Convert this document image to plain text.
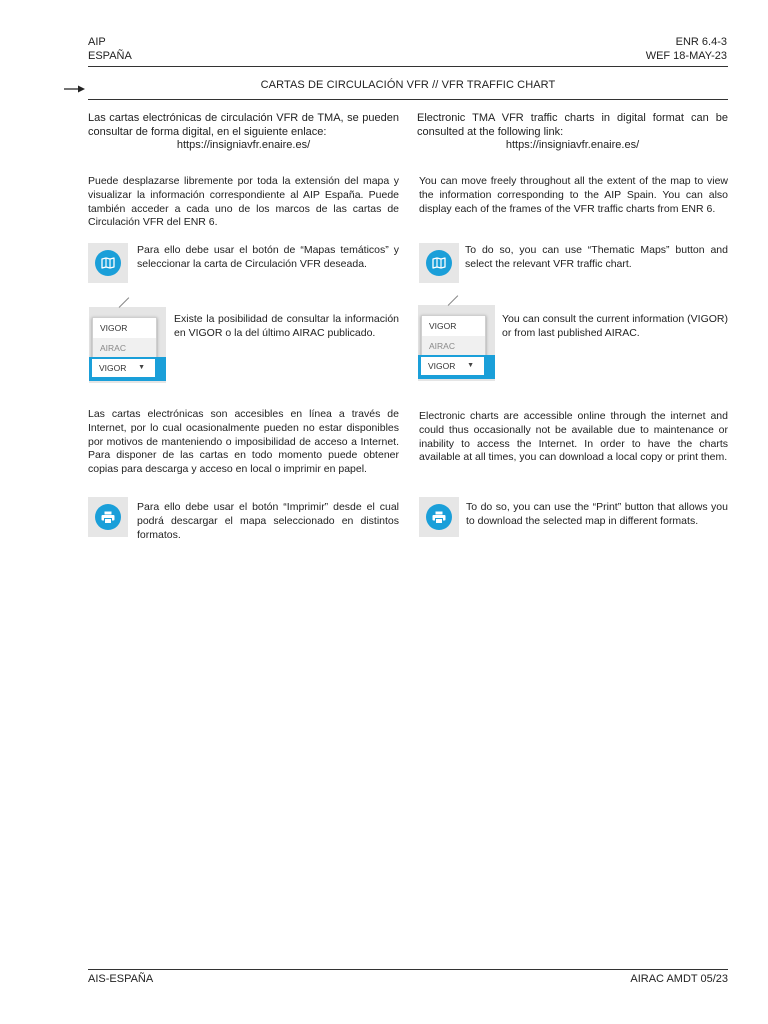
AIP
ESPAÑA
ENR 6.4-3
WEF 18-MAY-23
CARTAS DE CIRCULACIÓN VFR // VFR TRAFFIC CHART
Las cartas electrónicas de circulación VFR de TMA, se pueden consultar de forma digital, en el siguiente enlace:
https://insigniavfr.enaire.es/
Puede desplazarse libremente por toda la extensión del mapa y visualizar la información correspondiente al AIP España. Puede también acceder a cada uno de los marcos de las cartas de Circulación VFR del ENR 6.
Para ello debe usar el botón de “Mapas temáticos” y seleccionar la carta de Circulación VFR deseada.
VIGOR
AIRAC
VIGOR ▼
Existe la posibilidad de consultar la información en VIGOR o la del último AIRAC publicado.
Las cartas electrónicas son accesibles en línea a través de Internet, por lo cual ocasionalmente pueden no estar disponibles por motivos de manteniendo o imposibilidad de acceso a Internet. Para disponer de las cartas en todo momento puede obtener copias para descarga y acceso en local o imprimir en papel.
Para ello debe usar el botón “Imprimir” desde el cual podrá descargar el mapa seleccionado en distintos formatos.
Electronic TMA VFR traffic charts in digital format can be consulted at the following link:
https://insigniavfr.enaire.es/
You can move freely throughout all the extent of the map to view the information corresponding to the AIP Spain. You can also display each of the frames of the VFR traffic charts from ENR 6.
To do so, you can use “Thematic Maps” button and select the relevant VFR traffic chart.
VIGOR
AIRAC
VIGOR ▼
You can consult the current information (VIGOR) or from last published AIRAC.
Electronic charts are accessible online through the internet and could thus occasionally not be available due to maintenance or inability to access the Internet. In order to have the charts available at all times, you can download a local copy or print them.
To do so, you can use the “Print” button that allows you to download the selected map in different formats.
AIS-ESPAÑA	AIRAC AMDT 05/23
